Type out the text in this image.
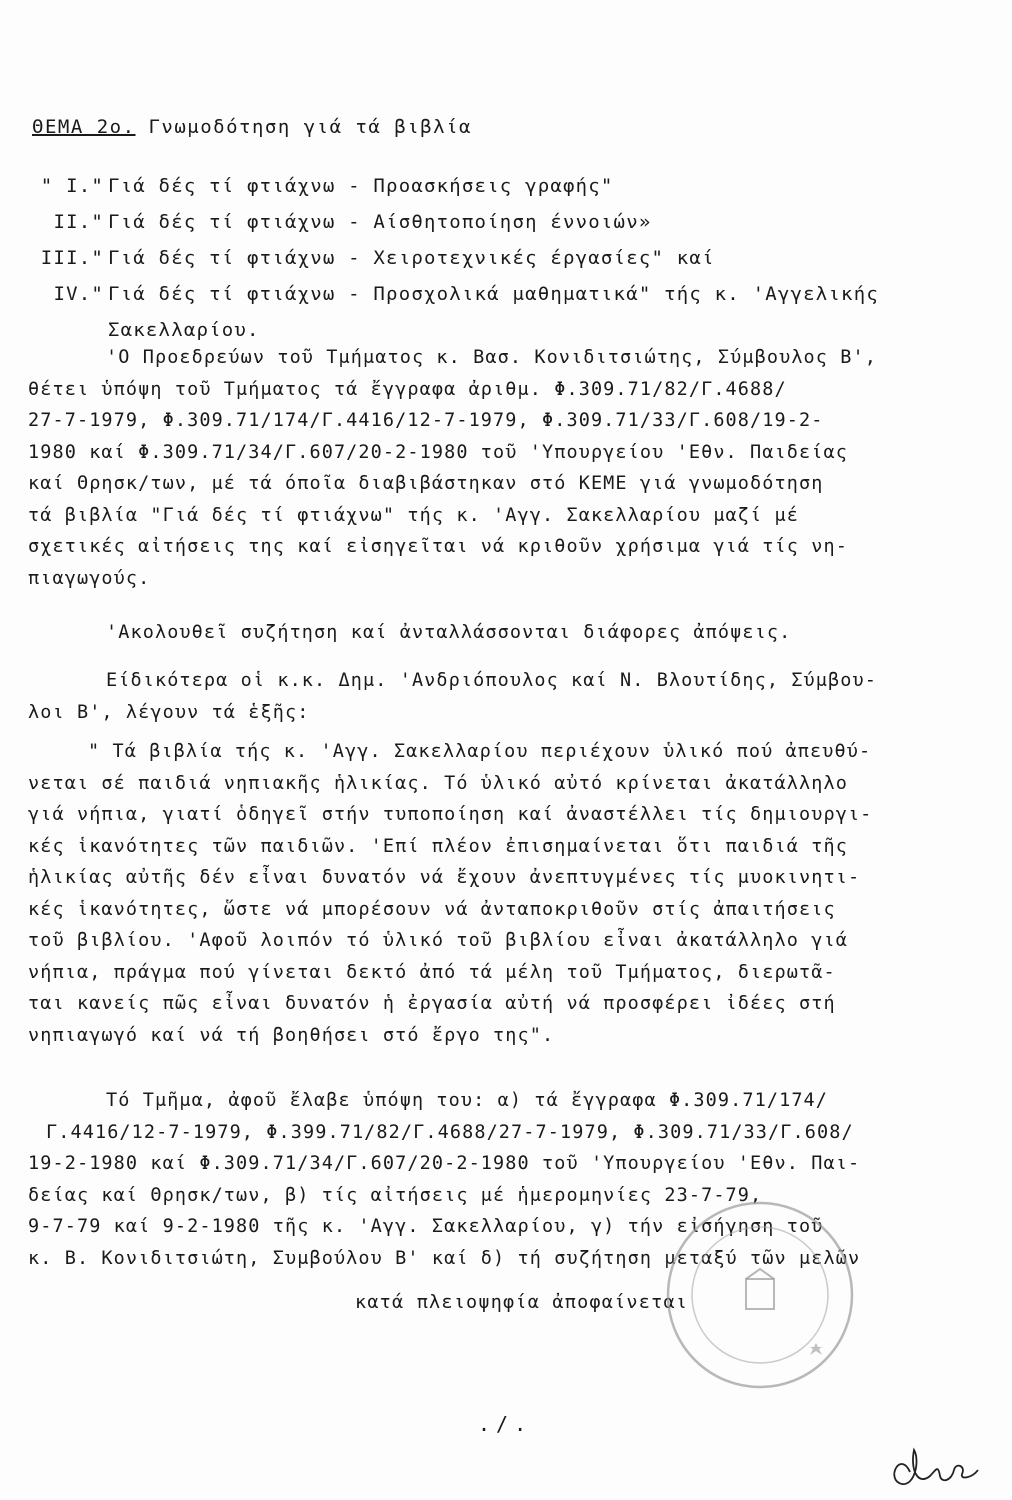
ΘΕΜΑ 2ο. Γνωμοδότηση γιά τά βιβλία
" I." Γιά δές τί φτιάχνω - Προασκήσεις γραφής"
II." Γιά δές τί φτιάχνω - Αίσθητοποίηση έννοιών»
III." Γιά δές τί φτιάχνω - Χειροτεχνικές έργασίες" καί
IV." Γιά δές τί φτιάχνω - Προσχολικά μαθηματικά" τής κ. 'Αγγελικής
Σακελλαρίου.
'Ο Προεδρεύων τοῦ Τμήματος κ. Βασ. Κονιδιτσιώτης, Σύμβουλος Β',
θέτει ὑπόψη τοῦ Τμήματος τά ἔγγραφα ἀριθμ. Φ.309.71/82/Γ.4688/
27-7-1979, Φ.309.71/174/Γ.4416/12-7-1979, Φ.309.71/33/Γ.608/19-2-
1980 καί Φ.309.71/34/Γ.607/20-2-1980 τοῦ 'Υπουργείου 'Εθν. Παιδείας
καί Θρησκ/των, μέ τά όποῖα διαβιβάστηκαν στό ΚΕΜΕ γιά γνωμοδότηση
τά βιβλία "Γιά δές τί φτιάχνω" τής κ. 'Αγγ. Σακελλαρίου μαζί μέ
σχετικές αἰτήσεις της καί εἰσηγεῖται νά κριθοῦν χρήσιμα γιά τίς νη-
πιαγωγούς.
'Ακολουθεῖ συζήτηση καί ἀνταλλάσσονται διάφορες ἀπόψεις.
Είδικότερα οἱ κ.κ. Δημ. 'Ανδριόπουλος καί Ν. Βλουτίδης, Σύμβου-
λοι Β', λέγουν τά ἑξῆς:
" Τά βιβλία τής κ. 'Αγγ. Σακελλαρίου περιέχουν ὑλικό πού ἀπευθύ-
νεται σέ παιδιά νηπιακῆς ἡλικίας. Τό ὑλικό αὐτό κρίνεται ἀκατάλληλο
γιά νήπια, γιατί ὁδηγεῖ στήν τυποποίηση καί ἀναστέλλει τίς δημιουργι-
κές ἱκανότητες τῶν παιδιῶν. 'Επί πλέον ἐπισημαίνεται ὅτι παιδιά τῆς
ἡλικίας αὐτῆς δέν εἶναι δυνατόν νά ἔχουν ἀνεπτυγμένες τίς μυοκινητι-
κές ἱκανότητες, ὥστε νά μπορέσουν νά ἀνταποκριθοῦν στίς ἀπαιτήσεις
τοῦ βιβλίου. 'Αφοῦ λοιπόν τό ὑλικό τοῦ βιβλίου εἶναι ἀκατάλληλο γιά
νήπια, πράγμα πού γίνεται δεκτό ἀπό τά μέλη τοῦ Τμήματος, διερωτᾶ-
ται κανείς πῶς εἶναι δυνατόν ἡ ἐργασία αὐτή νά προσφέρει ἰδέες στή
νηπιαγωγό καί νά τή βοηθήσει στό ἔργο της".
Τό Τμῆμα, ἀφοῦ ἔλαβε ὑπόψη του: α) τά ἔγγραφα Φ.309.71/174/
Γ.4416/12-7-1979, Φ.399.71/82/Γ.4688/27-7-1979, Φ.309.71/33/Γ.608/
19-2-1980 καί Φ.309.71/34/Γ.607/20-2-1980 τοῦ 'Υπουργείου 'Εθν. Παι-
δείας καί Θρησκ/των, β) τίς αἰτήσεις μέ ἡμερομηνίες 23-7-79,
9-7-79 καί 9-2-1980 τῆς κ. 'Αγγ. Σακελλαρίου, γ) τήν εἰσήγηση τοῦ
κ. Β. Κονιδιτσιώτη, Συμβούλου Β' καί δ) τή συζήτηση μεταξύ τῶν μελῶν
κατά πλειοψηφία ἀποφαίνεται
./.
